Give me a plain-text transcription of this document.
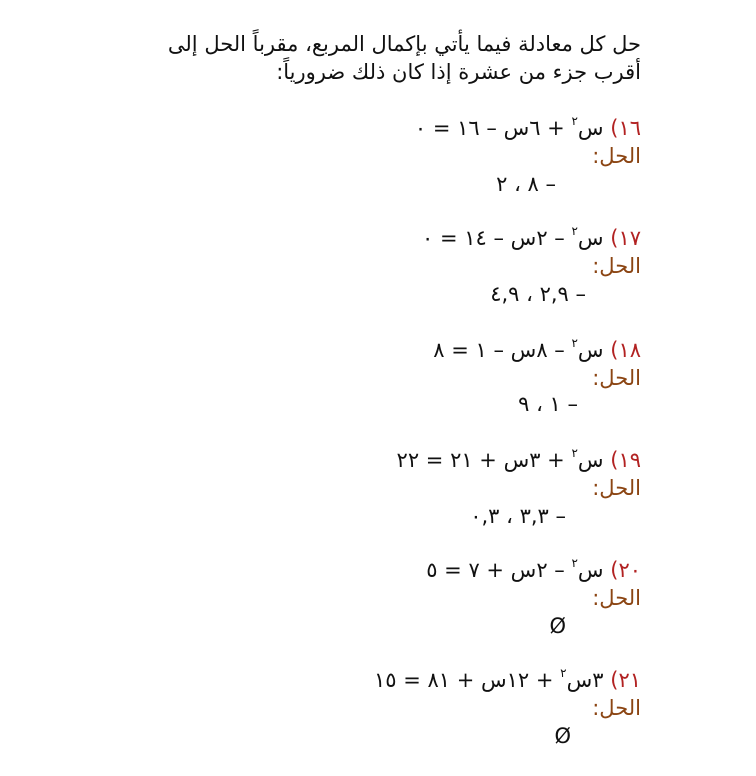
حل كل معادلة فيما يأتي بإكمال المربع، مقرباً الحل إلى
أقرب جزء من عشرة إذا كان ذلك ضرورياً:
١٦) س$^٢$ + ٦س – ١٦ = ٠
الحل:
– ٨ ، ٢
١٧) س$^٢$ – ٢س – ١٤ = ٠
الحل:
– ٢,٩ ، ٤,٩
١٨) س$^٢$ – ٨س – ١ = ٨
الحل:
– ١ ، ٩
١٩) س$^٢$ + ٣س + ٢١ = ٢٢
الحل:
– ٣,٣ ، ٠,٣
٢٠) س$^٢$ – ٢س + ٧ = ٥
الحل:
Ø
٢١) ٣س$^٢$ + ١٢س + ٨١ = ١٥
الحل:
Ø
